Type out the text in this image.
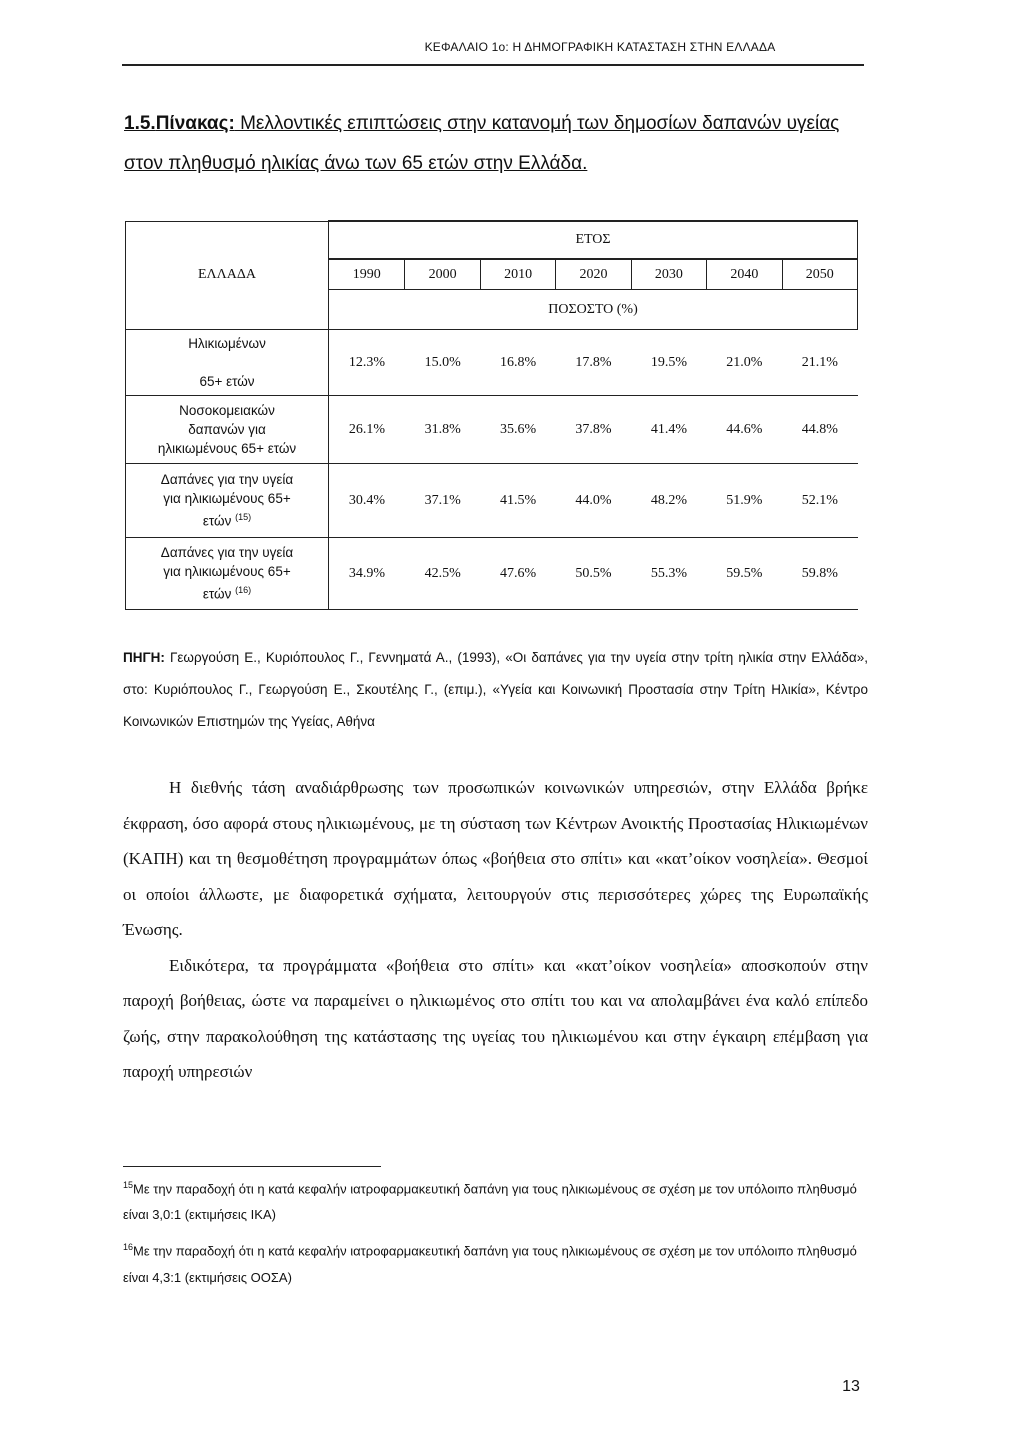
ΚΕΦΑΛΑΙΟ 1ο: Η ΔΗΜΟΓΡΑΦΙΚΗ ΚΑΤΑΣΤΑΣΗ ΣΤΗΝ ΕΛΛΑΔΑ
1.5.Πίνακας: Μελλοντικές επιπτώσεις στην κατανομή των δημοσίων δαπανών υγείας στον πληθυσμό ηλικίας άνω των 65 ετών στην Ελλάδα.
ΕΛΛΑΔΑ	ΕΤΟΣ						
	1990	2000	2010	2020	2030	2040	2050
	ΠΟΣΟΣΤΟ (%)						
Ηλικιωμένων

65+ ετών	12.3%	15.0%	16.8%	17.8%	19.5%	21.0%	21.1%
Νοσοκομειακών
δαπανών για
ηλικιωμένους 65+ ετών	26.1%	31.8%	35.6%	37.8%	41.4%	44.6%	44.8%
Δαπάνες για την υγεία
για ηλικιωμένους 65+
ετών $^{(15)}$	30.4%	37.1%	41.5%	44.0%	48.2%	51.9%	52.1%
Δαπάνες για την υγεία
για ηλικιωμένους 65+
ετών $^{(16)}$	34.9%	42.5%	47.6%	50.5%	55.3%	59.5%	59.8%

ΠΗΓΗ: Γεωργούση Ε., Κυριόπουλος Γ., Γεννηματά Α., (1993), «Οι δαπάνες για την υγεία στην τρίτη ηλικία στην Ελλάδα», στο: Κυριόπουλος Γ., Γεωργούση Ε., Σκουτέλης Γ., (επιμ.), «Υγεία και Κοινωνική Προστασία στην Τρίτη Ηλικία», Κέντρο Κοινωνικών Επιστημών της Υγείας, Αθήνα

Η διεθνής τάση αναδιάρθρωσης των προσωπικών κοινωνικών υπηρεσιών, στην Ελλάδα βρήκε έκφραση, όσο αφορά στους ηλικιωμένους, με τη σύσταση των Κέντρων Ανοικτής Προστασίας Ηλικιωμένων (ΚΑΠΗ) και τη θεσμοθέτηση προγραμμάτων όπως «βοήθεια στο σπίτι» και «κατ’οίκον νοσηλεία». Θεσμοί οι οποίοι άλλωστε, με διαφορετικά σχήματα, λειτουργούν στις περισσότερες χώρες της Ευρωπαϊκής Ένωσης.

Ειδικότερα, τα προγράμματα «βοήθεια στο σπίτι» και «κατ’οίκον νοσηλεία» αποσκοπούν στην παροχή βοήθειας, ώστε να παραμείνει ο ηλικιωμένος στο σπίτι του και να απολαμβάνει ένα καλό επίπεδο ζωής, στην παρακολούθηση της κατάστασης της υγείας του ηλικιωμένου και στην έγκαιρη επέμβαση για παροχή υπηρεσιών

$^{15}$Με την παραδοχή ότι η κατά κεφαλήν ιατροφαρμακευτική δαπάνη για τους ηλικιωμένους σε σχέση με τον υπόλοιπο πληθυσμό είναι 3,0:1 (εκτιμήσεις ΙΚΑ)

$^{16}$Με την παραδοχή ότι η κατά κεφαλήν ιατροφαρμακευτική δαπάνη για τους ηλικιωμένους σε σχέση με τον υπόλοιπο πληθυσμό είναι 4,3:1 (εκτιμήσεις ΟΟΣΑ)

13
